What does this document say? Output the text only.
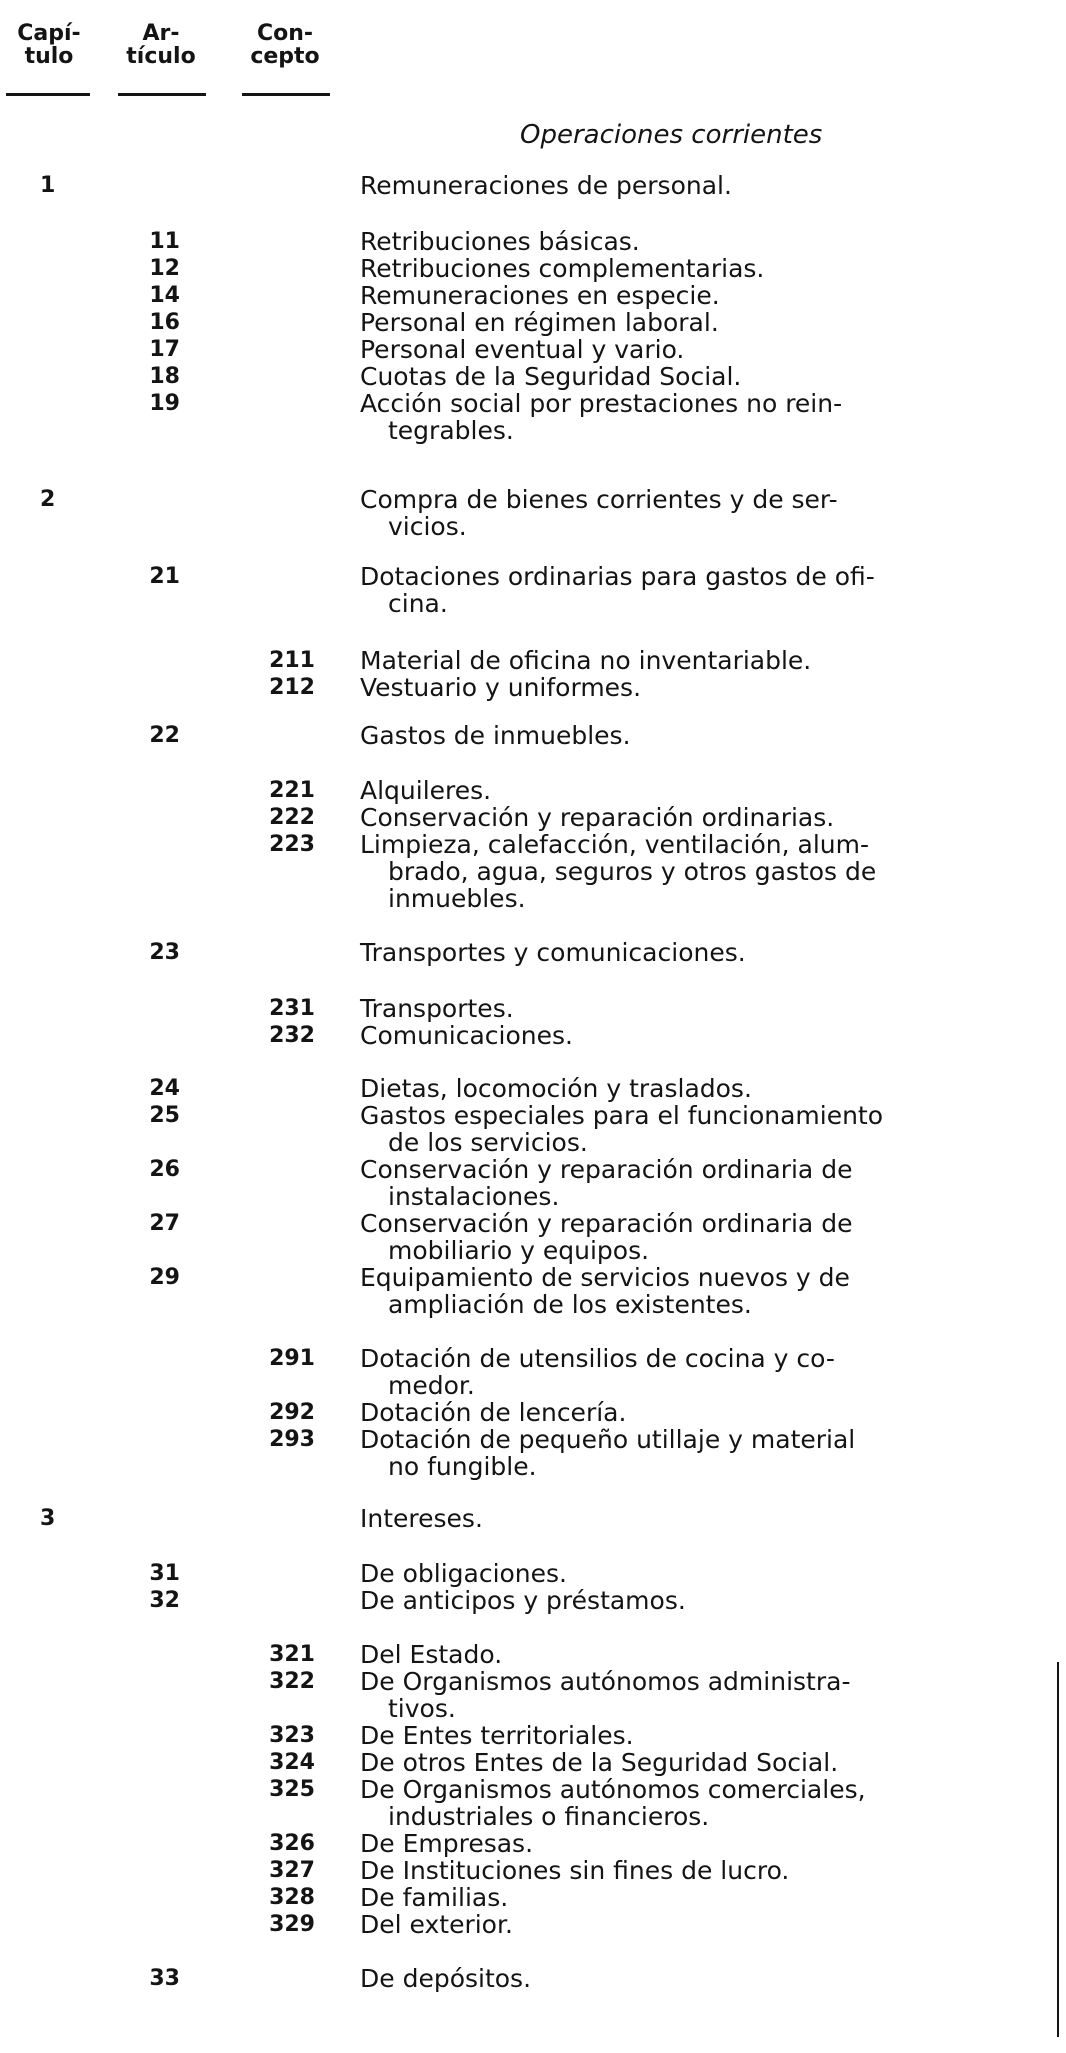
Capí-
tulo
Ar-
tículo
Con-
cepto
Operaciones corrientes
1	Remuneraciones de personal.
11	Retribuciones básicas.
12	Retribuciones complementarias.
14	Remuneraciones en especie.
16	Personal en régimen laboral.
17	Personal eventual y vario.
18	Cuotas de la Seguridad Social.
19	Acción social por prestaciones no rein-
tegrables.
2	Compra de bienes corrientes y de ser-
vicios.
21	Dotaciones ordinarias para gastos de ofi-
cina.
211 Material de oficina no inventariable.
212 Vestuario y uniformes.
22	Gastos de inmuebles.
221 Alquileres.
222 Conservación y reparación ordinarias.
223 Limpieza, calefacción, ventilación, alum-
brado, agua, seguros y otros gastos de
inmuebles.
23	Transportes y comunicaciones.
231 Transportes.
232 Comunicaciones.
24	Dietas, locomoción y traslados.
25	Gastos especiales para el funcionamiento
de los servicios.
26	Conservación y reparación ordinaria de
instalaciones.
27	Conservación y reparación ordinaria de
mobiliario y equipos.
29	Equipamiento de servicios nuevos y de
ampliación de los existentes.
291 Dotación de utensilios de cocina y co-
medor.
292 Dotación de lencería.
293 Dotación de pequeño utillaje y material
no fungible.
3	Intereses.
31	De obligaciones.
32	De anticipos y préstamos.
321 Del Estado.
322 De Organismos autónomos administra-
tivos.
323 De Entes territoriales.
324 De otros Entes de la Seguridad Social.
325 De Organismos autónomos comerciales,
industriales o financieros.
326 De Empresas.
327 De Instituciones sin fines de lucro.
328 De familias.
329 Del exterior.
33	De depósitos.
